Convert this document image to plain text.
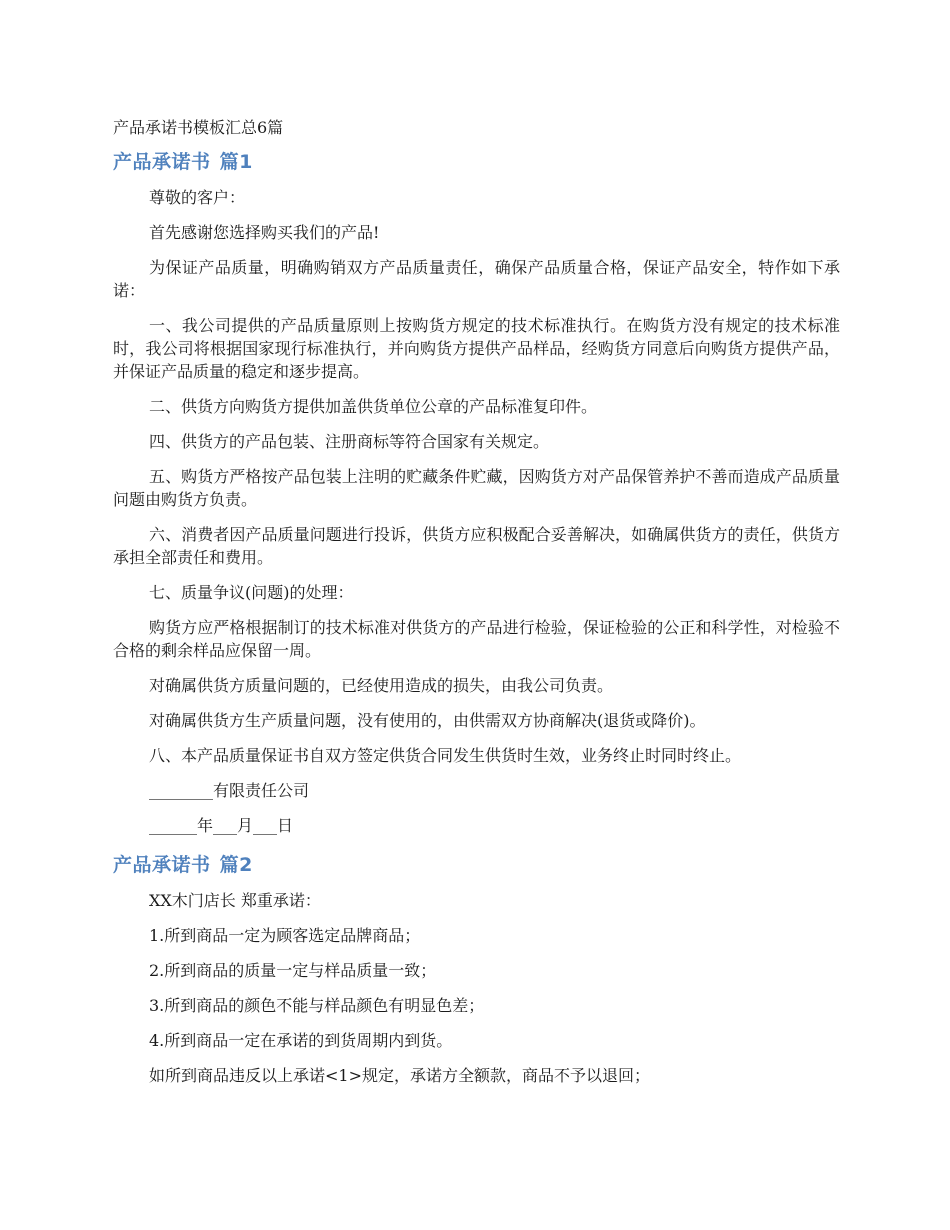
产品承诺书模板汇总6篇
产品承诺书 篇1

尊敬的客户：

首先感谢您选择购买我们的产品!

为保证产品质量，明确购销双方产品质量责任，确保产品质量合格，保证产品安全，特作如下承诺：

一、我公司提供的产品质量原则上按购货方规定的技术标准执行。在购货方没有规定的技术标准时，我公司将根据国家现行标准执行，并向购货方提供产品样品，经购货方同意后向购货方提供产品，并保证产品质量的稳定和逐步提高。

二、供货方向购货方提供加盖供货单位公章的产品标准复印件。

四、供货方的产品包装、注册商标等符合国家有关规定。

五、购货方严格按产品包装上注明的贮藏条件贮藏，因购货方对产品保管养护不善而造成产品质量问题由购货方负责。

六、消费者因产品质量问题进行投诉，供货方应积极配合妥善解决，如确属供货方的责任，供货方承担全部责任和费用。

七、质量争议(问题)的处理：

购货方应严格根据制订的技术标准对供货方的产品进行检验，保证检验的公正和科学性，对检验不合格的剩余样品应保留一周。

对确属供货方质量问题的，已经使用造成的损失，由我公司负责。

对确属供货方生产质量问题，没有使用的，由供需双方协商解决(退货或降价)。

八、本产品质量保证书自双方签定供货合同发生供货时生效，业务终止时同时终止。

________有限责任公司

______年___月___日

产品承诺书 篇2

XX木门店长 郑重承诺：

1.所到商品一定为顾客选定品牌商品；

2.所到商品的质量一定与样品质量一致；

3.所到商品的颜色不能与样品颜色有明显色差；

4.所到商品一定在承诺的到货周期内到货。

如所到商品违反以上承诺<1>规定，承诺方全额款，商品不予以退回；
